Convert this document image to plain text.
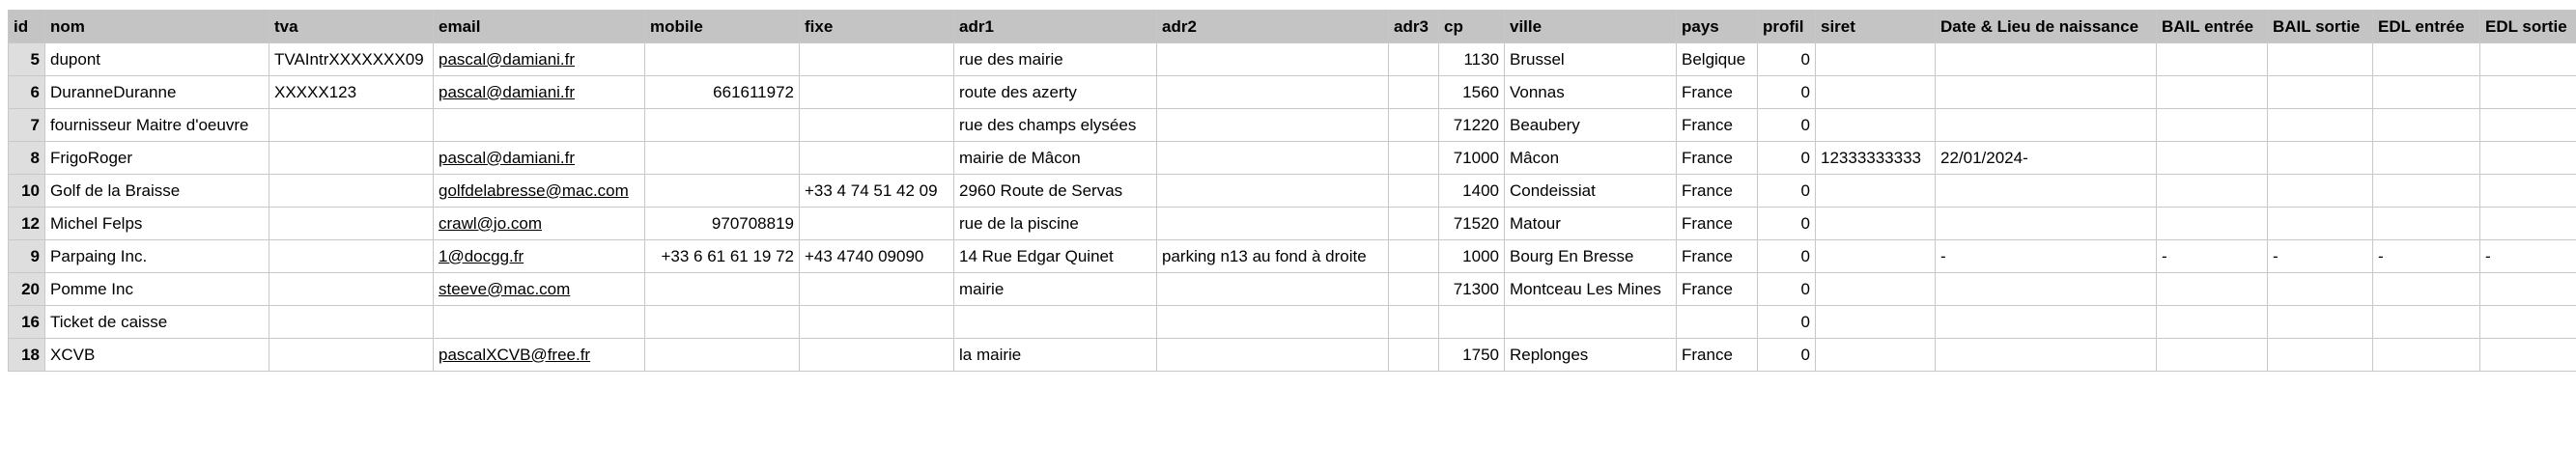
id	nom	tva	email	mobile	fixe	adr1	adr2	adr3	cp	ville	pays	profil	siret	Date & Lieu de naissance	BAIL entrée	BAIL sortie	EDL entrée	EDL sortie
5	dupont	TVAIntrXXXXXXX09	pascal@damiani.fr			rue des mairie			1130	Brussel	Belgique	0						
6	DuranneDuranne	XXXXX123	pascal@damiani.fr	661611972		route des azerty			1560	Vonnas	France	0						
7	fournisseur Maitre d'oeuvre					rue des champs elysées			71220	Beaubery	France	0						
8	FrigoRoger		pascal@damiani.fr			mairie de Mâcon			71000	Mâcon	France	0	12333333333	22/01/2024-				
10	Golf de la Braisse		golfdelabresse@mac.com		+33 4 74 51 42 09	2960 Route de Servas			1400	Condeissiat	France	0						
12	Michel Felps		crawl@jo.com	970708819		rue de la piscine			71520	Matour	France	0						
9	Parpaing Inc.		1@docgg.fr	+33 6 61 61 19 72	+43 4740 09090	14 Rue Edgar Quinet	parking n13 au fond à droite		1000	Bourg En Bresse	France	0		-	-	-	-	-
20	Pomme Inc		steeve@mac.com			mairie			71300	Montceau Les Mines	France	0						
16	Ticket de caisse											0						
18	XCVB		pascalXCVB@free.fr			la mairie			1750	Replonges	France	0						
